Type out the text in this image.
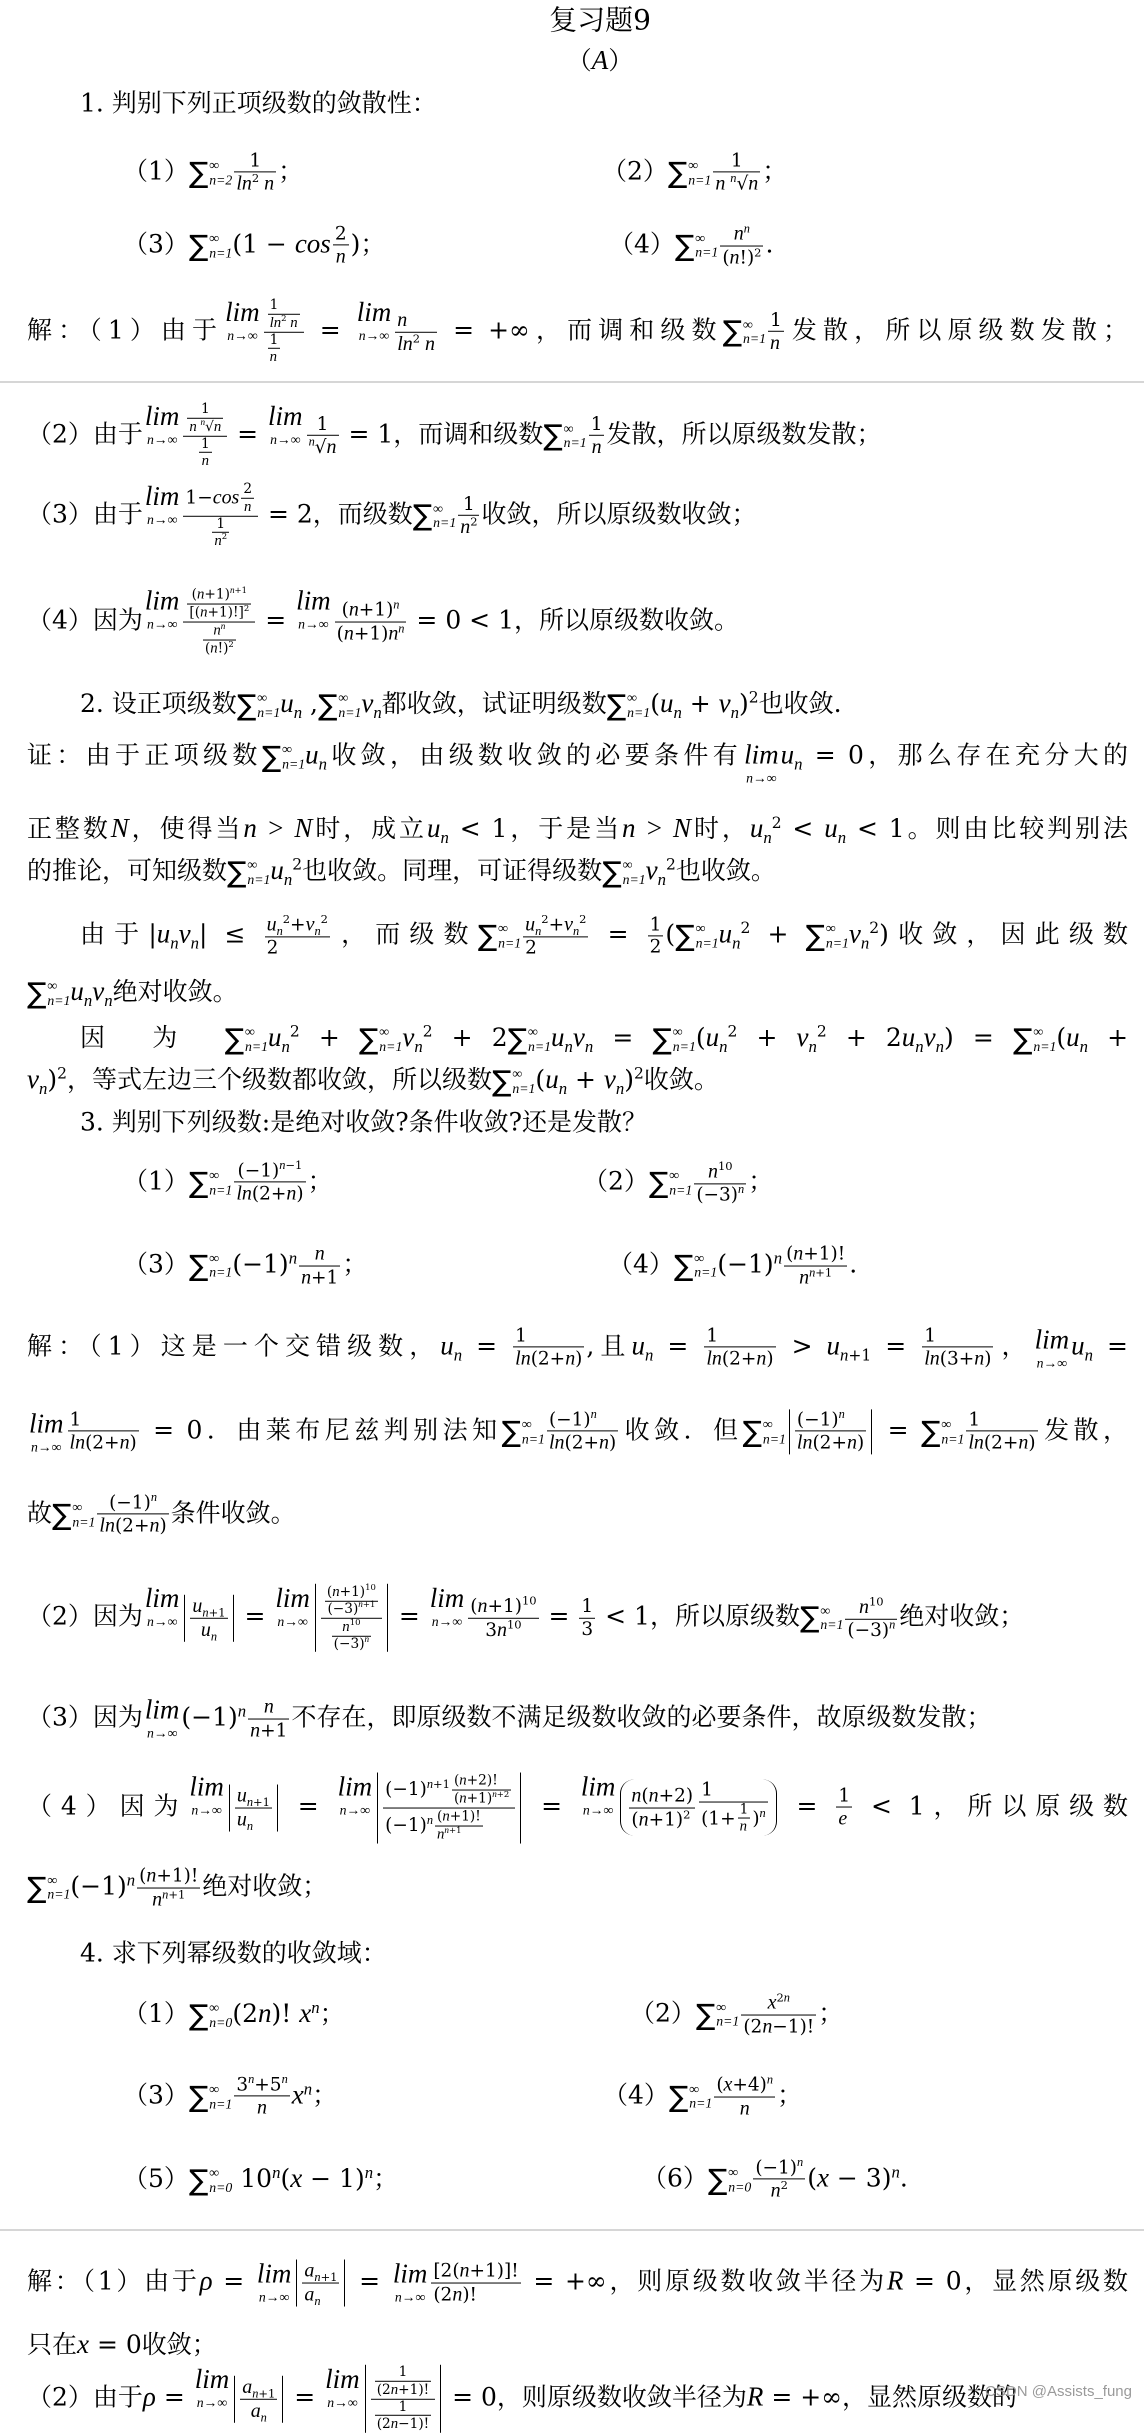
复习题9
（A）
1. 判别下列正项级数的敛散性：
（1） ∑ ∞
$n=2 \frac{1}{\ln^2 n}$ ；	（2） ∑ ∞
$n=1 \frac{1}{n ^n√n}$ ；
（3） ∑ ∞
n=1 ($1 - \cos \frac{2}{n}$ )；	（4） ∑ ∞
$n=1 \frac{n^n}{(n!)^2}$ .
解：（1）由于
lim
$n\to\infty \frac{\frac{1}{\ln^2 n}}{\frac{1}{n}}$ =
lim
$n\to\infty \frac{n}{\ln^2 n}$ = +∞，而调和级数 ∑ ∞
$n=1 \frac{1}{n}$ 发散，所以原级数发散；
（2）由于
lim
$n\to\infty \frac{\frac{1}{n ^n√n}}{\frac{1}{n}}$ =
lim
$n\to\infty \frac{1}{^n√n} = 1$，而调和级数 ∑ ∞
$n=1 \frac{1}{n}$ 发散，所以原级数发散；
（3）由于
lim
$n\to\infty \frac{1-\cos \frac{2}{n}}{\frac{1}{n^2}} = 2$，而级数 ∑ ∞
$n=1 \frac{1}{n^2}$ 收敛，所以原级数收敛；
（4）因为
lim
$n\to\infty \frac{\frac{(n+1)^{n+1}}{[(n+1)!]^2}}{\frac{n^n}{(n!)^2}}$ =
lim
$n\to\infty \frac{(n+1)^n}{(n+1)n^n} = 0 < 1$，所以原级数收敛。
2. 设正项级数 ∑ ∞
n=1 $u_n$ , ∑ ∞
n=1 $v_n$都收敛，试证明级数 ∑ ∞
n=1 $(u_n + v_n)^2$也收敛.
证：由于正项级数 ∑ ∞
n=1 $u_n$收敛，由级数收敛的必要条件有 lim
n→∞
$u_n = 0$，那么存在充分大的
正整数N，使得当n > N时，成立$u_n < 1$，于是当n > N时，$u_n^2 < u_n < 1$。则由比较判别法
的推论，可知级数 ∑ ∞
n=1 $u_n^2$也收敛。同理，可证得级数 ∑ ∞
n=1 $v_n^2$也收敛。
由于$|u_nv_n| \le \frac{u_n^2+v_n^2}{2}$ ，而级数 ∑ ∞
$n=1 \frac{u_n^2+v_n^2}{2} = \frac{1}{2}$ ( ∑ ∞
n=1 $u_n^2$ + ∑ ∞
n=1 $v_n^2$)收敛，因此级数
∑ ∞
n=1 $u_nv_n$绝对收敛。
因　为　 ∑ ∞
n=1 $u_n^2$ + ∑ ∞
n=1 $v_n^2 + 2$ ∑ ∞
n=1 $u_nv_n$ = ∑ ∞
n=1 $(u_n^2 + v_n^2 + 2u_nv_n)$ = ∑ ∞
n=1 ($u_n$ +
$v_n)^2$，等式左边三个级数都收敛，所以级数 ∑ ∞
n=1 $(u_n + v_n)^2$收敛。
3. 判别下列级数:是绝对收敛?条件收敛?还是发散？
（1） ∑ ∞
$n=1 \frac{(-1)^{n-1}}{\ln(2+n)}$ ；	（2） ∑ ∞
$n=1 \frac{n^{10}}{(-3)^n}$ ；
（3） ∑ ∞
n=1 $(-1)^n \frac{n}{n+1}$ ；	（4） ∑ ∞
n=1 $(-1)^n \frac{(n+1)!}{n^{n+1}}$ .
解：（1）这是一个交错级数，$u_n = \frac{1}{\ln(2+n)}$ ,且$u_n = \frac{1}{\ln(2+n)} > u_{n+1} = \frac{1}{\ln(3+n)}$ ， lim
n→∞
$u_n$ =
lim
$n\to\infty \frac{1}{\ln(2+n)} = 0$．由莱布尼兹判别法知 ∑ ∞
$n=1 \frac{(-1)^n}{\ln(2+n)}$ 收敛．但 ∑ ∞
$n=1 \frac{(-1)^n}{\ln(2+n)}$ = ∑ ∞
$n=1 \frac{1}{\ln(2+n)}$ 发散，
故 ∑ ∞
$n=1 \frac{(-1)^n}{\ln(2+n)}$ 条件收敛。
（2）因为
lim
$n\to\infty \frac{u_{n+1}}{u_n}$ =
lim
$n\to\infty \frac{\frac{(n+1)^{10}}{(-3)^{n+1}}}{\frac{n^{10}}{(-3)^n}}$ =
lim
$n\to\infty \frac{(n+1)^{10}}{3n^{10}} = \frac{1}{3} < 1$，所以原级数 ∑ ∞
$n=1 \frac{n^{10}}{(-3)^n}$ 绝对收敛；
（3）因为 lim
n→∞
$(-1)^n \frac{n}{n+1}$ 不存在，即原级数不满足级数收敛的必要条件，故原级数发散；
（4）因为
lim
$n\to\infty \frac{u_{n+1}}{u_n}$ =
lim
$n\to\infty \frac{(-1)^{n+1} \frac{(n+2)!}{(n+1)^{n+2}}}{(-1)^n \frac{(n+1)!}{n^{n+1}}}$ =
lim
$n\to\infty \frac{n(n+2)}{(n+1)^2} \frac{1}{(1+ \frac{1}{n} )^n} = \frac{1}{e} < 1$，所以原级数
∑ ∞
n=1 $(-1)^n \frac{(n+1)!}{n^{n+1}}$ 绝对收敛；
4. 求下列幂级数的收敛域：
（1） ∑ ∞
n=0 (2n)! $x^n$；	（2） ∑ ∞
$n=1 \frac{x^{2n}}{(2n-1)!}$ ；
（3） ∑ ∞
$n=1 \frac{3^n+5^n}{n} x^n$；	（4） ∑ ∞
$n=1 \frac{(x+4)^n}{n}$ ；
（5） ∑ ∞
n=0 $10^n(x - 1)^n$；	（6） ∑ ∞
$n=0 \frac{(-1)^n}{n^2} (x - 3)^n$.
解：（1）由于ρ = lim
$n\to\infty \frac{a_{n+1}}{a_n} = \lim$
$n\to\infty \frac{[2(n+1)]!}{(2n)!}$ = +∞，则原级数收敛半径为R = 0，显然原级数
只在x = 0收敛；
（2）由于ρ =
lim
$n\to\infty \frac{a_{n+1}}{a_n}$ =
lim
$n\to\infty \frac{\frac{1}{(2n+1)!}}{\frac{1}{(2n-1)!}} = 0$，则原级数收敛半径为R = +∞，显然原级数的
CSDN @Assists_fung
